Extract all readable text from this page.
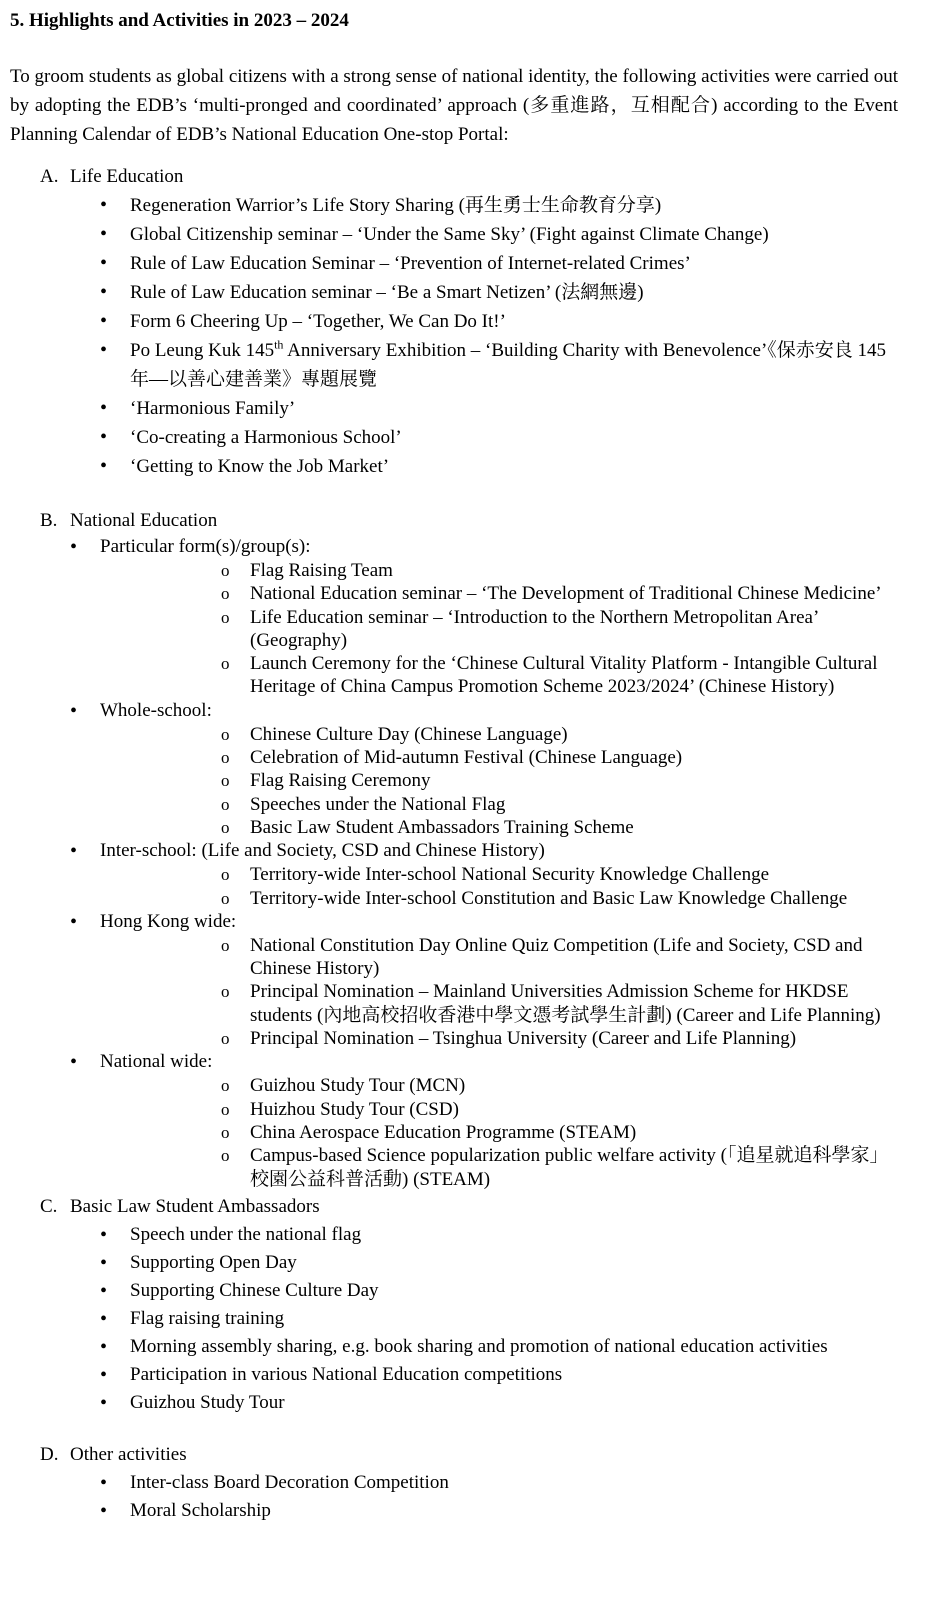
5. Highlights and Activities in 2023 – 2024

To groom students as global citizens with a strong sense of national identity, the following activities were carried out by adopting the EDB’s ‘multi-pronged and coordinated’ approach (多重進路，互相配合) according to the Event Planning Calendar of EDB’s National Education One-stop Portal:

A. Life Education
• Regeneration Warrior’s Life Story Sharing (再生勇士生命教育分享)
• Global Citizenship seminar – ‘Under the Same Sky’ (Fight against Climate Change)
• Rule of Law Education Seminar – ‘Prevention of Internet-related Crimes’
• Rule of Law Education seminar – ‘Be a Smart Netizen’ (法網無邊)
• Form 6 Cheering Up – ‘Together, We Can Do It!’
• Po Leung Kuk 145th Anniversary Exhibition – ‘Building Charity with Benevolence’《保赤安良 145 年—以善心建善業》專題展覽
• ‘Harmonious Family’
• ‘Co-creating a Harmonious School’
• ‘Getting to Know the Job Market’
B. National Education
• Particular form(s)/group(s):
o Flag Raising Team
o National Education seminar – ‘The Development of Traditional Chinese Medicine’
o Life Education seminar – ‘Introduction to the Northern Metropolitan Area’ (Geography)
o Launch Ceremony for the ‘Chinese Cultural Vitality Platform - Intangible Cultural Heritage of China Campus Promotion Scheme 2023/2024’ (Chinese History)
• Whole-school:
o Chinese Culture Day (Chinese Language)
o Celebration of Mid-autumn Festival (Chinese Language)
o Flag Raising Ceremony
o Speeches under the National Flag
o Basic Law Student Ambassadors Training Scheme
• Inter-school: (Life and Society, CSD and Chinese History)
o Territory-wide Inter-school National Security Knowledge Challenge
o Territory-wide Inter-school Constitution and Basic Law Knowledge Challenge
• Hong Kong wide:
o National Constitution Day Online Quiz Competition (Life and Society, CSD and Chinese History)
o Principal Nomination – Mainland Universities Admission Scheme for HKDSE students (內地高校招收香港中學文憑考試學生計劃) (Career and Life Planning)
o Principal Nomination – Tsinghua University (Career and Life Planning)
• National wide:
o Guizhou Study Tour (MCN)
o Huizhou Study Tour (CSD)
o China Aerospace Education Programme (STEAM)
o Campus-based Science popularization public welfare activity (「追星就追科學家」校園公益科普活動) (STEAM)
C. Basic Law Student Ambassadors
• Speech under the national flag
• Supporting Open Day
• Supporting Chinese Culture Day
• Flag raising training
• Morning assembly sharing, e.g. book sharing and promotion of national education activities
• Participation in various National Education competitions
• Guizhou Study Tour
D. Other activities
• Inter-class Board Decoration Competition
• Moral Scholarship
